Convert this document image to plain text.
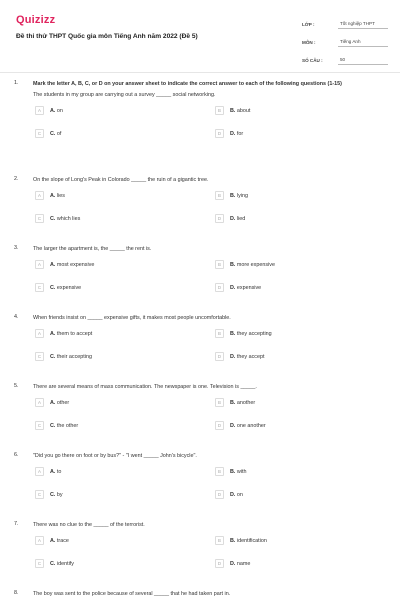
Quizizz
Đề thi thử THPT Quốc gia môn Tiếng Anh năm 2022 (Đề 5)
LỚP :	Tốt nghiệp THPT
MÔN :	Tiếng Anh
SỐ CÂU :	50
1.	Mark the letter A, B, C, or D on your answer sheet to indicate the correct answer to each of the following questions (1-15)
The students in my group are carrying out a survey _____ social networking.
A	A. on	B	B. about
C	C. of	D	D. for
2.	On the slope of Long's Peak in Colorado _____ the ruin of a gigantic tree.
A	A. lies	B	B. lying
C	C. which lies	D	D. lied
3.	The larger the apartment is, the _____ the rent is.
A	A. most expensive	B	B. more expensive
C	C. expensive	D	D. expensive
4.	When friends insist on _____ expensive gifts, it makes most people uncomfortable.
A	A. them to accept	B	B. they accepting
C	C. their accepting	D	D. they accept
5.	There are several means of mass communication. The newspaper is one. Television is _____.
A	A. other	B	B. another
C	C. the other	D	D. one another
6.	"Did you go there on foot or by bus?" - "I went _____ John's bicycle".
A	A. to	B	B. with
C	C. by	D	D. on
7.	There was no clue to the _____ of the terrorist.
A	A. trace	B	B. identification
C	C. identify	D	D. name
8.	The boy was sent to the police because of several _____ that he had taken part in.
